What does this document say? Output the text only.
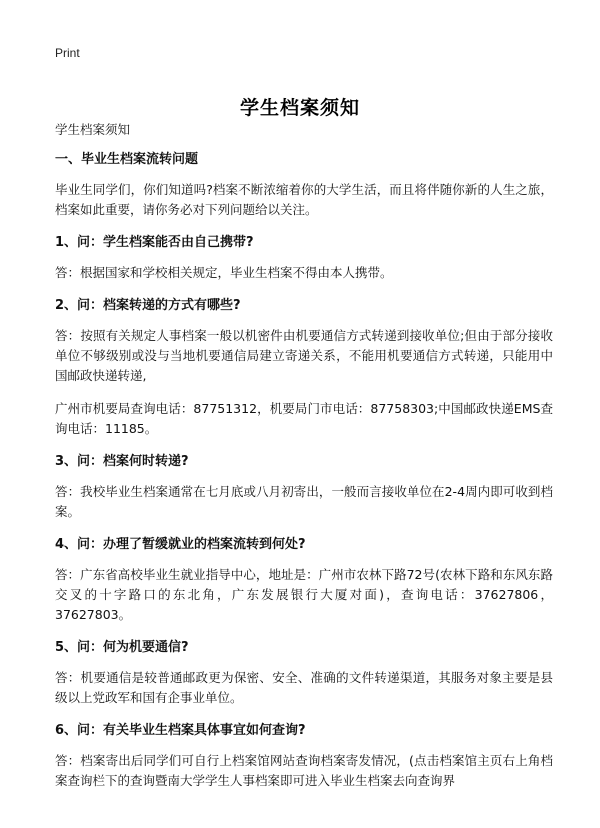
Print
学生档案须知

学生档案须知

一、毕业生档案流转问题

毕业生同学们，你们知道吗?档案不断浓缩着你的大学生活，而且将伴随你新的人生之旅，档案如此重要，请你务必对下列问题给以关注。

1、问：学生档案能否由自己携带?

答：根据国家和学校相关规定，毕业生档案不得由本人携带。

2、问：档案转递的方式有哪些?

答：按照有关规定人事档案一般以机密件由机要通信方式转递到接收单位;但由于部分接收单位不够级别或没与当地机要通信局建立寄递关系，不能用机要通信方式转递，只能用中国邮政快递转递,

广州市机要局查询电话：87751312，机要局门市电话：87758303;中国邮政快递EMS查询电话：11185。

3、问：档案何时转递?

答：我校毕业生档案通常在七月底或八月初寄出，一般而言接收单位在2-4周内即可收到档案。

4、问：办理了暂缓就业的档案流转到何处?

答：广东省高校毕业生就业指导中心，地址是：广州市农林下路72号(农林下路和东风东路交叉的十字路口的东北角，广东发展银行大厦对面)，查询电话：37627806，37627803。

5、问：何为机要通信?

答：机要通信是较普通邮政更为保密、安全、准确的文件转递渠道，其服务对象主要是县级以上党政军和国有企事业单位。

6、问：有关毕业生档案具体事宜如何查询?

答：档案寄出后同学们可自行上档案馆网站查询档案寄发情况，(点击档案馆主页右上角档案查询栏下的查询暨南大学学生人事档案即可进入毕业生档案去向查询界
